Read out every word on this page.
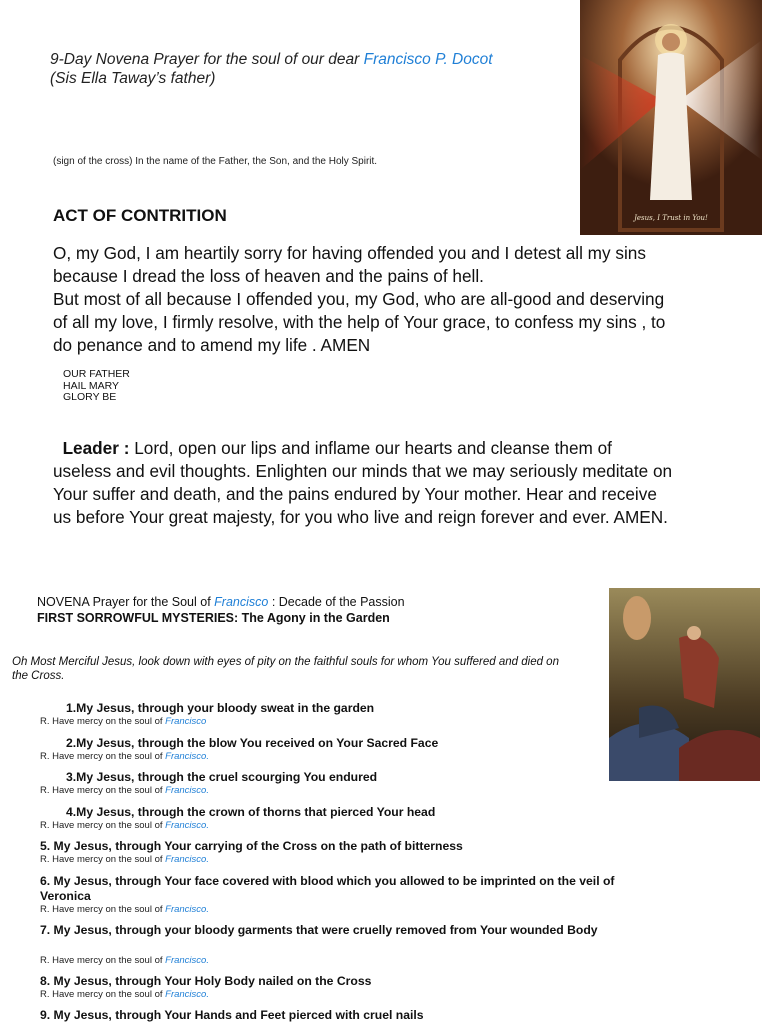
9-Day Novena Prayer for the soul of our dear Francisco P. Docot
(Sis Ella Taway’s father)
(sign of the cross) In the name of the Father, the Son, and the Holy Spirit.
ACT OF CONTRITION
O, my God, I am heartily sorry for having offended you and I detest all my sins because I dread the loss of heaven and the pains of hell.
But most of all because I offended you, my God, who are all-good and deserving of all my love, I firmly resolve, with the help of Your grace, to confess my sins , to do penance and to amend my life . AMEN
OUR FATHER
HAIL MARY
GLORY BE
Leader : Lord, open our lips and inflame our hearts and cleanse them of useless and evil thoughts. Enlighten our minds that we may seriously meditate on Your suffer and death, and the pains endured by Your mother. Hear and receive us before Your great majesty, for you who live and reign forever and ever. AMEN.
NOVENA Prayer for the Soul of Francisco : Decade of the Passion
FIRST SORROWFUL MYSTERIES: The Agony in the Garden
Oh Most Merciful Jesus, look down with eyes of pity on the faithful souls for whom You suffered and died on the Cross.
1.My Jesus, through your bloody sweat in the garden
R. Have mercy on the soul of Francisco
2.My Jesus, through the blow You received on Your Sacred Face
R. Have mercy on the soul of Francisco.
3.My Jesus, through the cruel scourging You endured
R. Have mercy on the soul of Francisco.
4.My Jesus, through the crown of thorns that pierced Your head
R. Have mercy on the soul of Francisco.
5. My Jesus, through Your carrying of the Cross on the path of bitterness
R. Have mercy on the soul of Francisco.
6. My Jesus, through Your face covered with blood which you allowed to be imprinted on the veil of Veronica
R. Have mercy on the soul of Francisco.
7. My Jesus, through your bloody garments that were cruelly removed from Your wounded Body
R. Have mercy on the soul of Francisco.
8. My Jesus, through Your Holy Body nailed on the Cross
R. Have mercy on the soul of Francisco.
9. My Jesus, through Your Hands and Feet pierced with cruel nails
Jesus, I Trust in You!
